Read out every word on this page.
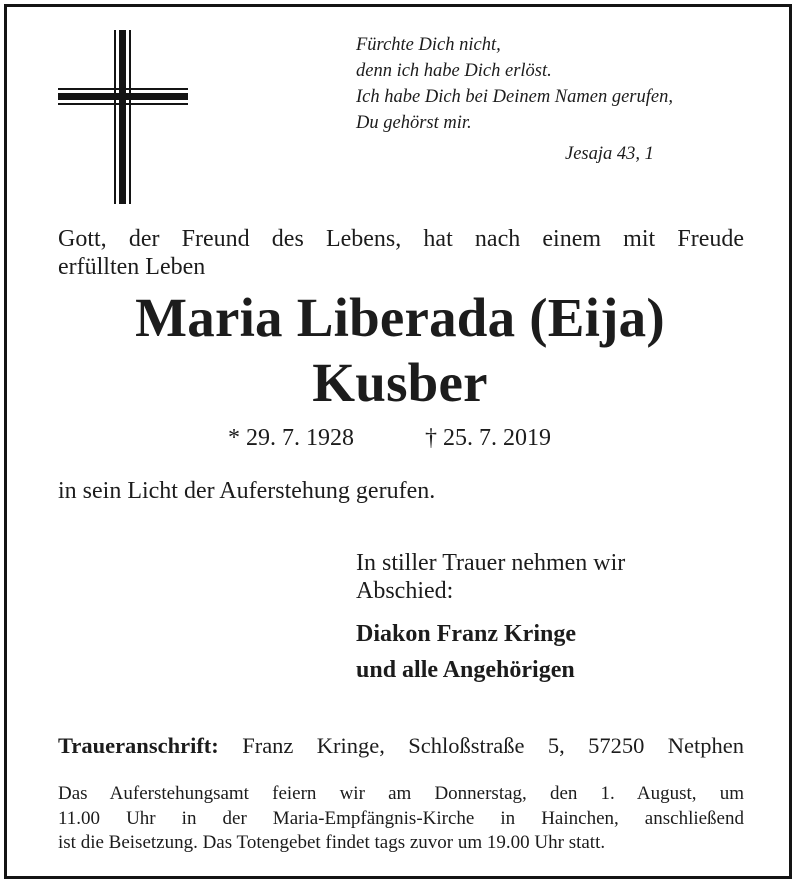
Fürchte Dich nicht,
denn ich habe Dich erlöst.
Ich habe Dich bei Deinem Namen gerufen,
Du gehörst mir.
Jesaja 43, 1
Gott, der Freund des Lebens, hat nach einem mit Freude
erfüllten Leben
Maria Liberada (Eija)
Kusber
* 29. 7. 1928	† 25. 7. 2019
in sein Licht der Auferstehung gerufen.
In stiller Trauer nehmen wir
Abschied:
Diakon Franz Kringe
und alle Angehörigen
Traueranschrift: Franz Kringe, Schloßstraße 5, 57250 Netphen
Das Auferstehungsamt feiern wir am Donnerstag, den 1. August, um
11.00 Uhr in der Maria-Empfängnis-Kirche in Hainchen, anschließend
ist die Beisetzung. Das Totengebet findet tags zuvor um 19.00 Uhr statt.
